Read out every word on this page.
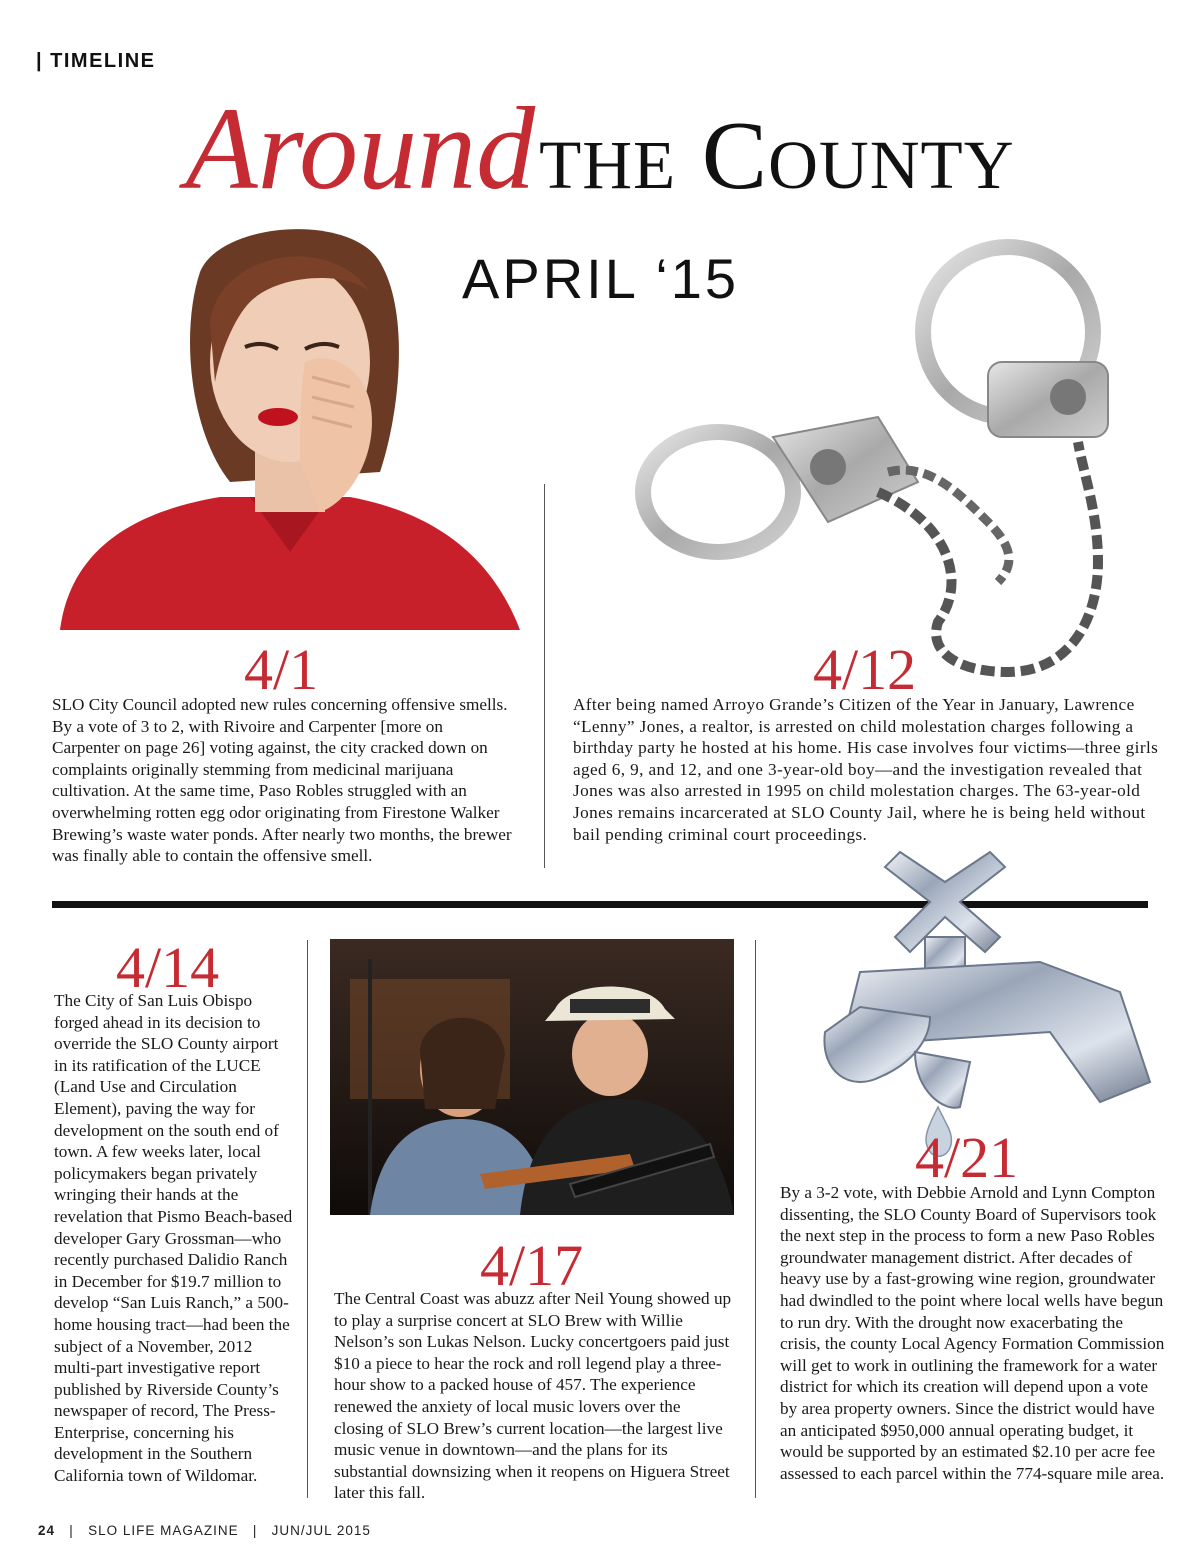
| TIMELINE
Around the County
APRIL ‘15
4/1
SLO City Council adopted new rules concerning offensive smells. By a vote of 3 to 2, with Rivoire and Carpenter [more on Carpenter on page 26] voting against, the city cracked down on complaints originally stemming from medicinal marijuana cultivation. At the same time, Paso Robles struggled with an overwhelming rotten egg odor originating from Firestone Walker Brewing’s waste water ponds. After nearly two months, the brewer was finally able to contain the offensive smell.
4/12
After being named Arroyo Grande’s Citizen of the Year in January, Lawrence “Lenny” Jones, a realtor, is arrested on child molestation charges following a birthday party he hosted at his home. His case involves four victims—three girls aged 6, 9, and 12, and one 3-year-old boy—and the investigation revealed that Jones was also arrested in 1995 on child molestation charges. The 63-year-old Jones remains incarcerated at SLO County Jail, where he is being held without bail pending criminal court proceedings.
4/14
The City of San Luis Obispo forged ahead in its decision to override the SLO County airport in its ratification of the LUCE (Land Use and Circulation Element), paving the way for development on the south end of town. A few weeks later, local policymakers began privately wringing their hands at the revelation that Pismo Beach-based developer Gary Grossman—who recently purchased Dalidio Ranch in December for $19.7 million to develop “San Luis Ranch,” a 500-home housing tract—had been the subject of a November, 2012 multi-part investigative report published by Riverside County’s newspaper of record, The Press-Enterprise, concerning his development in the Southern California town of Wildomar.
4/17
The Central Coast was abuzz after Neil Young showed up to play a surprise concert at SLO Brew with Willie Nelson’s son Lukas Nelson. Lucky concertgoers paid just $10 a piece to hear the rock and roll legend play a three-hour show to a packed house of 457. The experience renewed the anxiety of local music lovers over the closing of SLO Brew’s current location—the largest live music venue in downtown—and the plans for its substantial downsizing when it reopens on Higuera Street later this fall.
4/21
By a 3-2 vote, with Debbie Arnold and Lynn Compton dissenting, the SLO County Board of Supervisors took the next step in the process to form a new Paso Robles groundwater management district. After decades of heavy use by a fast-growing wine region, groundwater had dwindled to the point where local wells have begun to run dry. With the drought now exacerbating the crisis, the county Local Agency Formation Commission will get to work in outlining the framework for a water district for which its creation will depend upon a vote by area property owners. Since the district would have an anticipated $950,000 annual operating budget, it would be supported by an estimated $2.10 per acre fee assessed to each parcel within the 774-square mile area.
24   |   SLO LIFE MAGAZINE   |   JUN/JUL 2015
